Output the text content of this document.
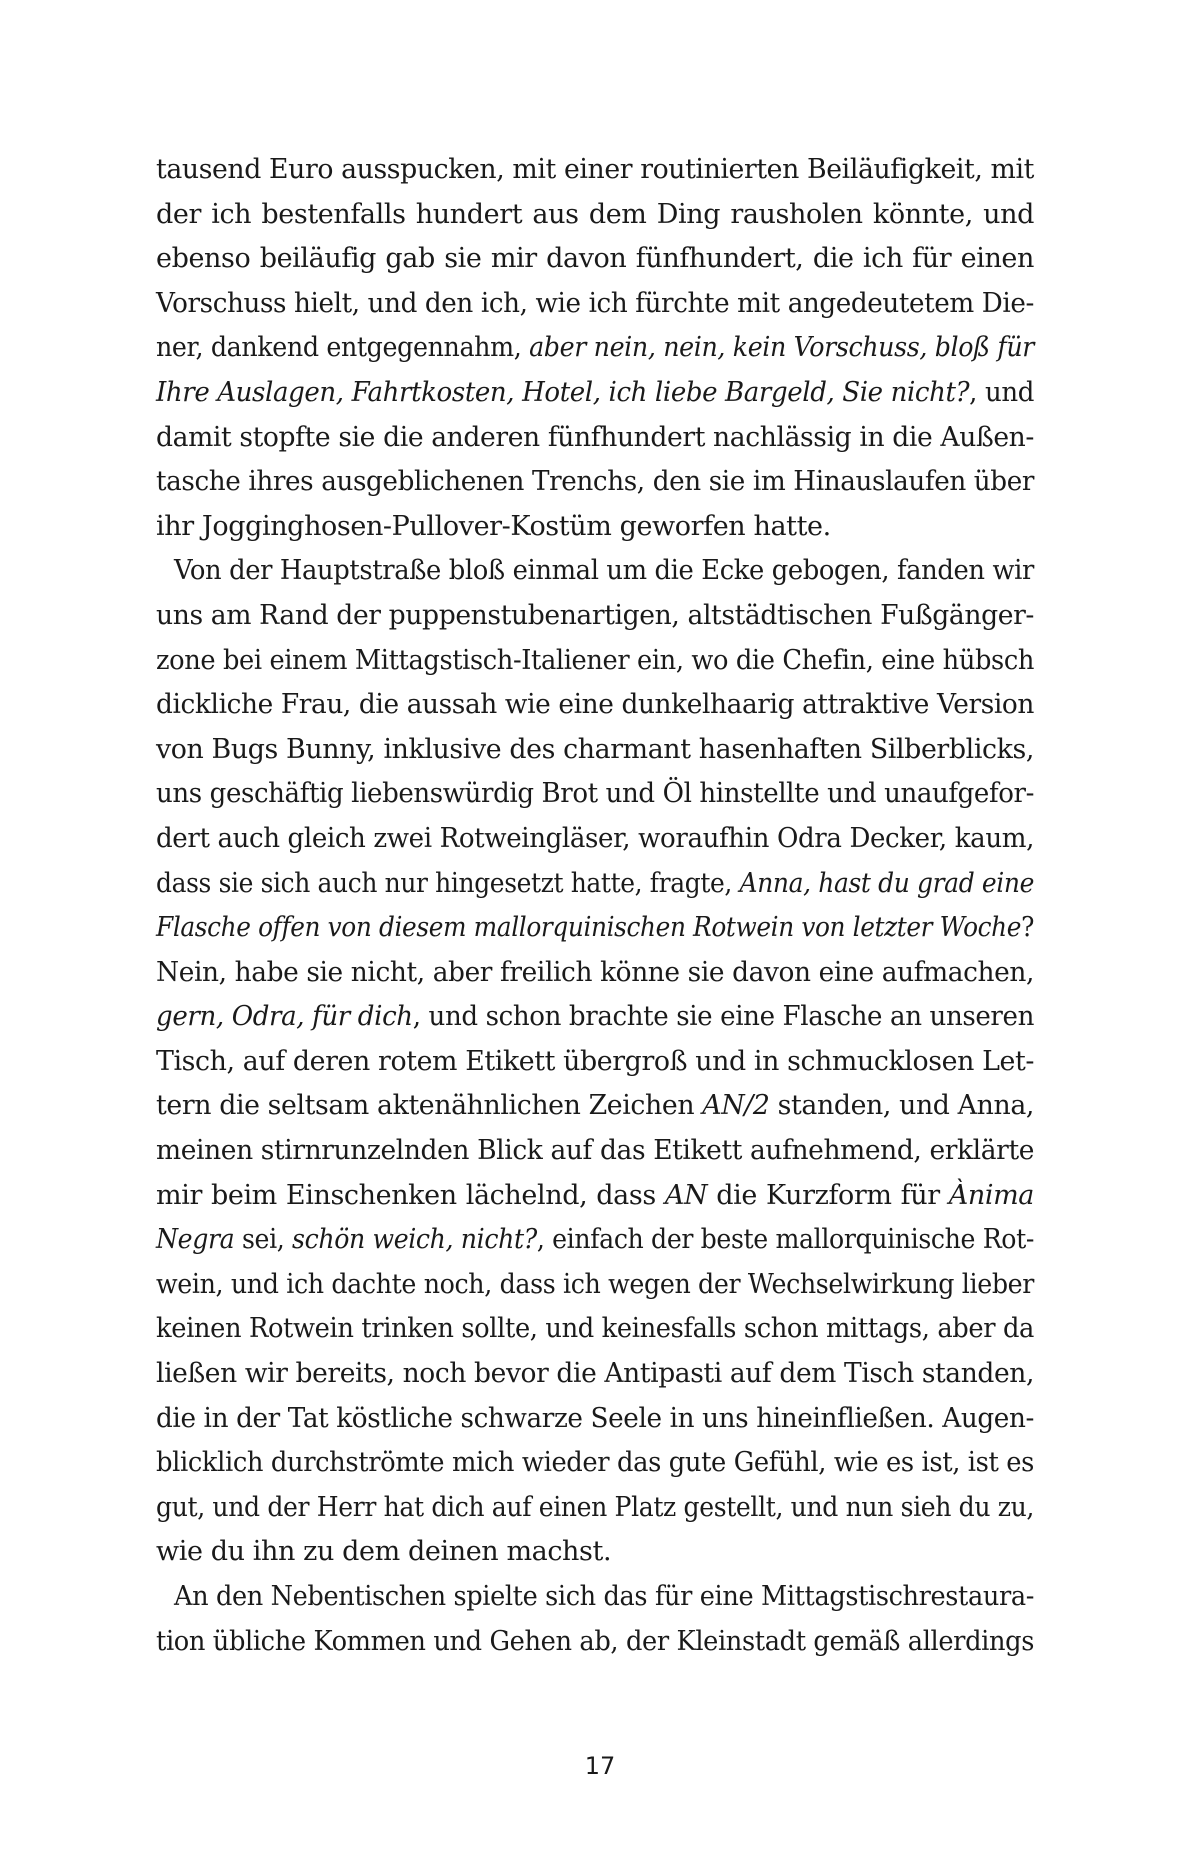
tausend Euro ausspucken, mit einer routinierten Beiläufigkeit, mit
der ich bestenfalls hundert aus dem Ding rausholen könnte, und
ebenso beiläufig gab sie mir davon fünfhundert, die ich für einen
Vorschuss hielt, und den ich, wie ich fürchte mit angedeutetem Die-
ner, dankend entgegennahm, aber nein, nein, kein Vorschuss, bloß für
Ihre Auslagen, Fahrtkosten, Hotel, ich liebe Bargeld, Sie nicht?, und
damit stopfte sie die anderen fünfhundert nachlässig in die Außen-
tasche ihres ausgeblichenen Trenchs, den sie im Hinauslaufen über
ihr Jogginghosen-Pullover-Kostüm geworfen hatte.
Von der Hauptstraße bloß einmal um die Ecke gebogen, fanden wir
uns am Rand der puppenstubenartigen, altstädtischen Fußgänger-
zone bei einem Mittagstisch-Italiener ein, wo die Chefin, eine hübsch
dickliche Frau, die aussah wie eine dunkelhaarig attraktive Version
von Bugs Bunny, inklusive des charmant hasenhaften Silberblicks,
uns geschäftig liebenswürdig Brot und Öl hinstellte und unaufgefor-
dert auch gleich zwei Rotweingläser, woraufhin Odra Decker, kaum,
dass sie sich auch nur hingesetzt hatte, fragte, Anna, hast du grad eine
Flasche offen von diesem mallorquinischen Rotwein von letzter Woche?
Nein, habe sie nicht, aber freilich könne sie davon eine aufmachen,
gern, Odra, für dich, und schon brachte sie eine Flasche an unseren
Tisch, auf deren rotem Etikett übergroß und in schmucklosen Let-
tern die seltsam aktenähnlichen Zeichen AN/2 standen, und Anna,
meinen stirnrunzelnden Blick auf das Etikett aufnehmend, erklärte
mir beim Einschenken lächelnd, dass AN die Kurzform für Ànima
Negra sei, schön weich, nicht?, einfach der beste mallorquinische Rot-
wein, und ich dachte noch, dass ich wegen der Wechselwirkung lieber
keinen Rotwein trinken sollte, und keinesfalls schon mittags, aber da
ließen wir bereits, noch bevor die Antipasti auf dem Tisch standen,
die in der Tat köstliche schwarze Seele in uns hineinfließen. Augen-
blicklich durchströmte mich wieder das gute Gefühl, wie es ist, ist es
gut, und der Herr hat dich auf einen Platz gestellt, und nun sieh du zu,
wie du ihn zu dem deinen machst.
An den Nebentischen spielte sich das für eine Mittagstischrestaura-
tion übliche Kommen und Gehen ab, der Kleinstadt gemäß allerdings
17
